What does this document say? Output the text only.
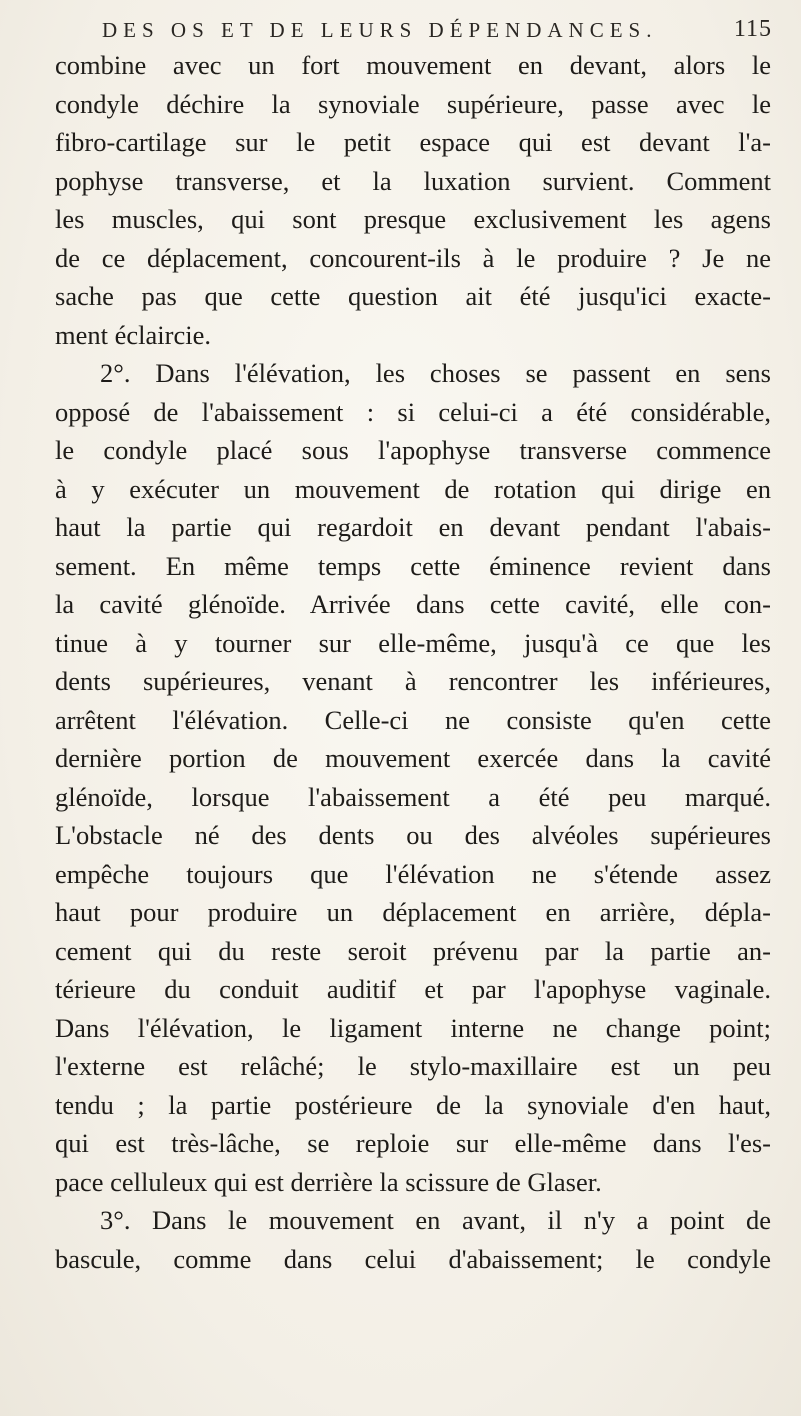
DES OS ET DE LEURS DÉPENDANCES.	115
combine avec un fort mouvement en devant, alors le
condyle déchire la synoviale supérieure, passe avec le
fibro-cartilage sur le petit espace qui est devant l'a-
pophyse transverse, et la luxation survient. Comment
les muscles, qui sont presque exclusivement les agens
de ce déplacement, concourent-ils à le produire ? Je ne
sache pas que cette question ait été jusqu'ici exacte-
ment éclaircie.
2°. Dans l'élévation, les choses se passent en sens
opposé de l'abaissement : si celui-ci a été considérable,
le condyle placé sous l'apophyse transverse commence
à y exécuter un mouvement de rotation qui dirige en
haut la partie qui regardoit en devant pendant l'abais-
sement. En même temps cette éminence revient dans
la cavité glénoïde. Arrivée dans cette cavité, elle con-
tinue à y tourner sur elle-même, jusqu'à ce que les
dents supérieures, venant à rencontrer les inférieures,
arrêtent l'élévation. Celle-ci ne consiste qu'en cette
dernière portion de mouvement exercée dans la cavité
glénoïde, lorsque l'abaissement a été peu marqué.
L'obstacle né des dents ou des alvéoles supérieures
empêche toujours que l'élévation ne s'étende assez
haut pour produire un déplacement en arrière, dépla-
cement qui du reste seroit prévenu par la partie an-
térieure du conduit auditif et par l'apophyse vaginale.
Dans l'élévation, le ligament interne ne change point;
l'externe est relâché; le stylo-maxillaire est un peu
tendu ; la partie postérieure de la synoviale d'en haut,
qui est très-lâche, se reploie sur elle-même dans l'es-
pace celluleux qui est derrière la scissure de Glaser.
3°. Dans le mouvement en avant, il n'y a point de
bascule, comme dans celui d'abaissement; le condyle
